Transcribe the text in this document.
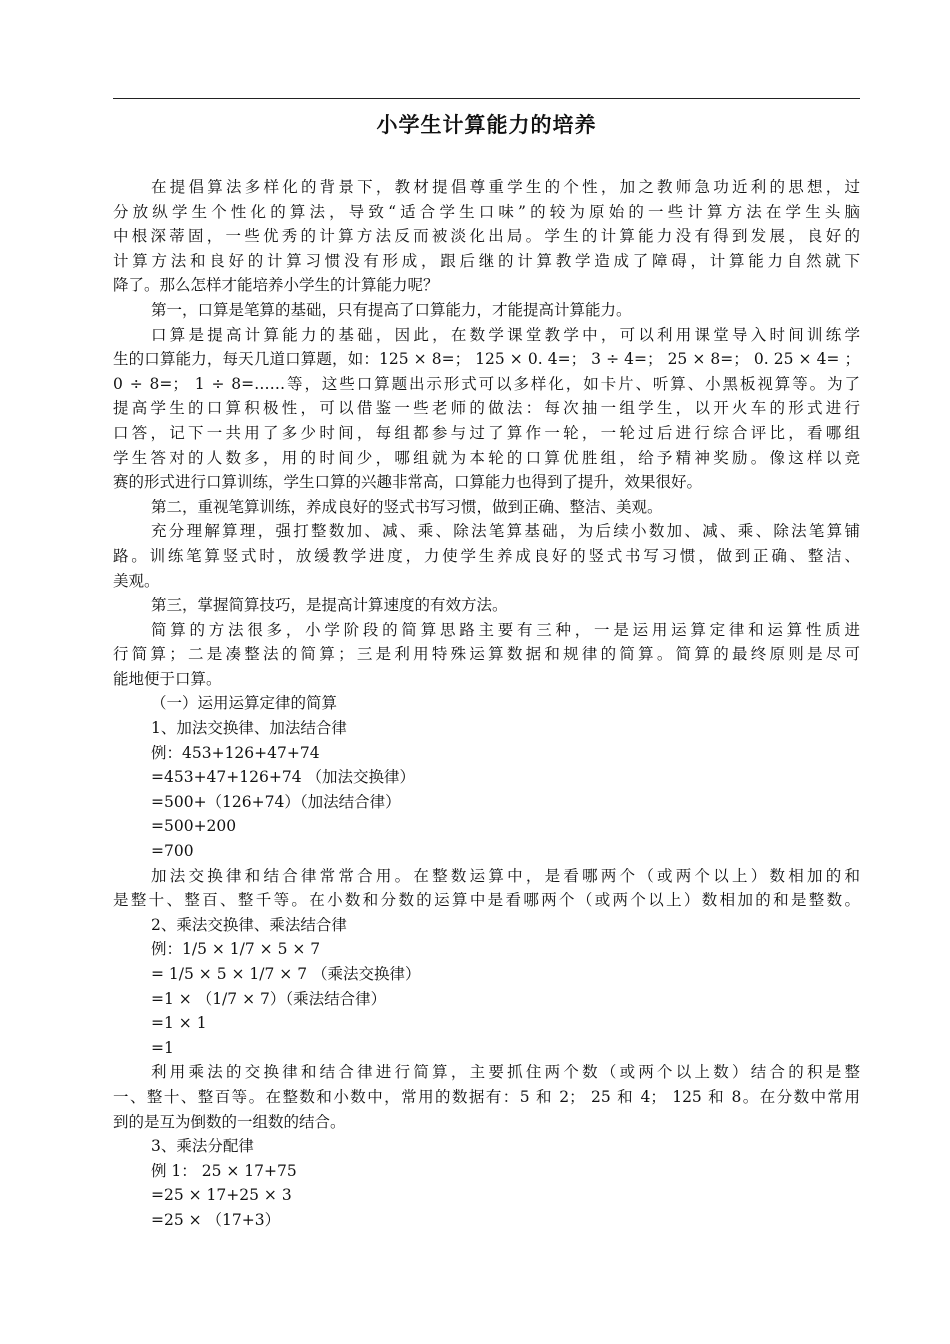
小学生计算能力的培养
在提倡算法多样化的背景下，教材提倡尊重学生的个性，加之教师急功近利的思想，过
分放纵学生个性化的算法，导致“适合学生口味”的较为原始的一些计算方法在学生头脑
中根深蒂固，一些优秀的计算方法反而被淡化出局。学生的计算能力没有得到发展，良好的
计算方法和良好的计算习惯没有形成，跟后继的计算教学造成了障碍，计算能力自然就下
降了。那么怎样才能培养小学生的计算能力呢？
第一，口算是笔算的基础，只有提高了口算能力，才能提高计算能力。
口算是提高计算能力的基础，因此，在数学课堂教学中，可以利用课堂导入时间训练学
生的口算能力，每天几道口算题，如：125 × 8=； 125 × 0. 4=； 3 ÷ 4=； 25 × 8=； 0. 25 × 4= ；
0 ÷ 8=； 1 ÷ 8=……等，这些口算题出示形式可以多样化，如卡片、听算、小黑板视算等。为了
提高学生的口算积极性，可以借鉴一些老师的做法：每次抽一组学生，以开火车的形式进行
口答，记下一共用了多少时间，每组都参与过了算作一轮，一轮过后进行综合评比，看哪组
学生答对的人数多，用的时间少，哪组就为本轮的口算优胜组，给予精神奖励。像这样以竞
赛的形式进行口算训练，学生口算的兴趣非常高，口算能力也得到了提升，效果很好。
第二，重视笔算训练，养成良好的竖式书写习惯，做到正确、整洁、美观。
充分理解算理，强打整数加、减、乘、除法笔算基础，为后续小数加、减、乘、除法笔算铺
路。训练笔算竖式时，放缓教学进度，力使学生养成良好的竖式书写习惯，做到正确、整洁、
美观。
第三，掌握简算技巧，是提高计算速度的有效方法。
简算的方法很多，小学阶段的简算思路主要有三种，一是运用运算定律和运算性质进
行简算；二是凑整法的简算；三是利用特殊运算数据和规律的简算。简算的最终原则是尽可
能地便于口算。
（一）运用运算定律的简算
1、加法交换律、加法结合律
例：453+126+47+74
=453+47+126+74 （加法交换律）
=500+（126+74）（加法结合律）
=500+200
=700
加法交换律和结合律常常合用。在整数运算中，是看哪两个（或两个以上）数相加的和
是整十、整百、整千等。在小数和分数的运算中是看哪两个（或两个以上）数相加的和是整数。
2、乘法交换律、乘法结合律
例：1/5 × 1/7 × 5 × 7
= 1/5 × 5 × 1/7 × 7 （乘法交换律）
=1 × （1/7 × 7）（乘法结合律）
=1 × 1
=1
利用乘法的交换律和结合律进行简算，主要抓住两个数（或两个以上数）结合的积是整
一、整十、整百等。在整数和小数中，常用的数据有：5 和 2； 25 和 4； 125 和 8。在分数中常用
到的是互为倒数的一组数的结合。
3、乘法分配律
例 1： 25 × 17+75
=25 × 17+25 × 3
=25 × （17+3）
